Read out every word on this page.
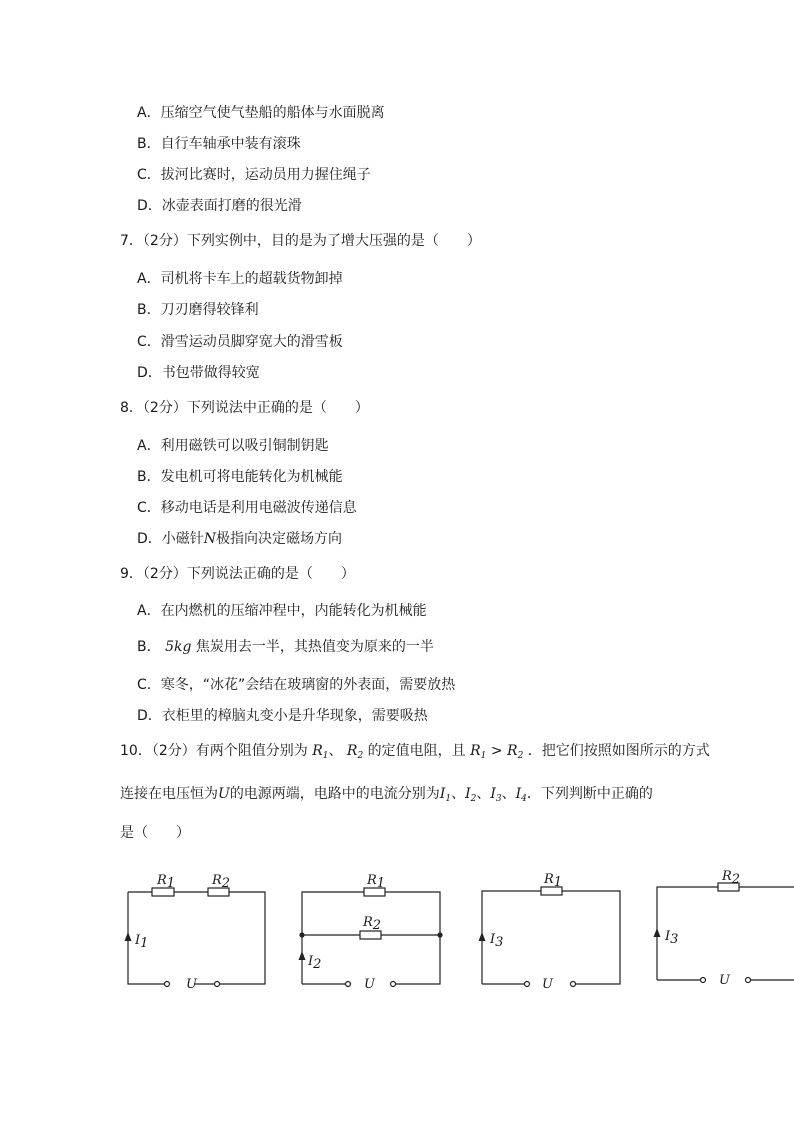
A．压缩空气使气垫船的船体与水面脱离
B．自行车轴承中装有滚珠
C．拔河比赛时，运动员用力握住绳子
D．冰壶表面打磨的很光滑
7．（2分）下列实例中，目的是为了增大压强的是（　　）
A．司机将卡车上的超载货物卸掉
B．刀刃磨得较锋利
C．滑雪运动员脚穿宽大的滑雪板
D．书包带做得较宽
8．（2分）下列说法中正确的是（　　）
A．利用磁铁可以吸引铜制钥匙
B．发电机可将电能转化为机械能
C．移动电话是利用电磁波传递信息
D．小磁针N极指向决定磁场方向
9．（2分）下列说法正确的是（　　）
A．在内燃机的压缩冲程中，内能转化为机械能
B． 5kg 焦炭用去一半，其热值变为原来的一半
C．寒冬，“冰花”会结在玻璃窗的外表面，需要放热
D．衣柜里的樟脑丸变小是升华现象，需要吸热
10．（2分）有两个阻值分别为 $R_1$、 $R_2$ 的定值电阻，且 $R_1 > R_2$ ．把它们按照如图所示的方式
连接在电压恒为U的电源两端，电路中的电流分别为$I_1$、$I_2$、$I_3$、$I_4$．下列判断中正确的
是（　　）
R1	R2
I1
U
R1
R2
I2
U
R1
I3
U
R2
I3
U
